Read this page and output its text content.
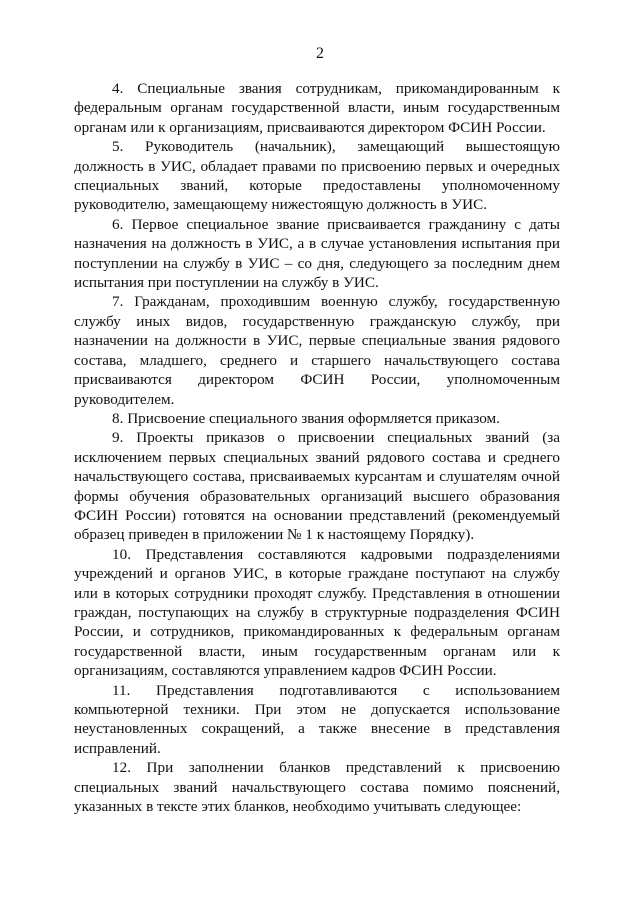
2

4. Специальные звания сотрудникам, прикомандированным к федеральным органам государственной власти, иным государственным органам или к организациям, присваиваются директором ФСИН России.

5. Руководитель (начальник), замещающий вышестоящую должность в УИС, обладает правами по присвоению первых и очередных специальных званий, которые предоставлены уполномоченному руководителю, замещающему нижестоящую должность в УИС.

6. Первое специальное звание присваивается гражданину с даты назначения на должность в УИС, а в случае установления испытания при поступлении на службу в УИС – со дня, следующего за последним днем испытания при поступлении на службу в УИС.

7. Гражданам, проходившим военную службу, государственную службу иных видов, государственную гражданскую службу, при назначении на должности в УИС, первые специальные звания рядового состава, младшего, среднего и старшего начальствующего состава присваиваются директором ФСИН России, уполномоченным руководителем.

8. Присвоение специального звания оформляется приказом.

9. Проекты приказов о присвоении специальных званий (за исключением первых специальных званий рядового состава и среднего начальствующего состава, присваиваемых курсантам и слушателям очной формы обучения образовательных организаций высшего образования ФСИН России) готовятся на основании представлений (рекомендуемый образец приведен в приложении № 1 к настоящему Порядку).

10. Представления составляются кадровыми подразделениями учреждений и органов УИС, в которые граждане поступают на службу или в которых сотрудники проходят службу. Представления в отношении граждан, поступающих на службу в структурные подразделения ФСИН России, и сотрудников, прикомандированных к федеральным органам государственной власти, иным государственным органам или к организациям, составляются управлением кадров ФСИН России.

11. Представления подготавливаются с использованием компьютерной техники. При этом не допускается использование неустановленных сокращений, а также внесение в представления исправлений.

12. При заполнении бланков представлений к присвоению специальных званий начальствующего состава помимо пояснений, указанных в тексте этих бланков, необходимо учитывать следующее:
